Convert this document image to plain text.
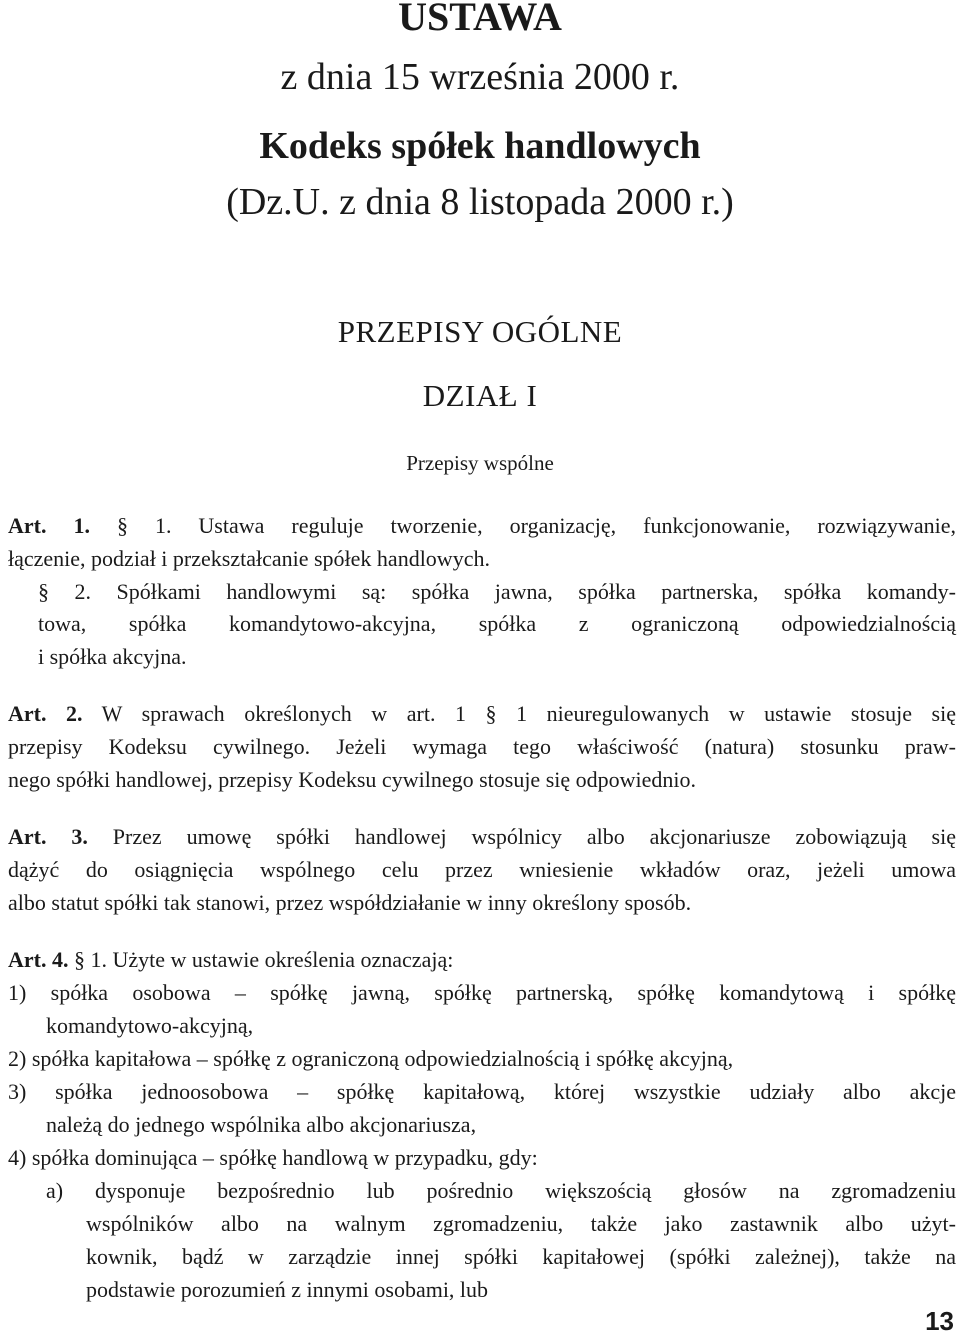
USTAWA
z dnia 15 września 2000 r.
Kodeks spółek handlowych
(Dz.U. z dnia 8 listopada 2000 r.)
PRZEPISY OGÓLNE
DZIAŁ I
Przepisy wspólne
Art. 1. § 1. Ustawa reguluje tworzenie, organizację, funkcjonowanie, rozwiązywanie,
łączenie, podział i przekształcanie spółek handlowych.
§ 2. Spółkami handlowymi są: spółka jawna, spółka partnerska, spółka komandy-
towa, spółka komandytowo-akcyjna, spółka z ograniczoną odpowiedzialnością
i spółka akcyjna.
Art. 2. W sprawach określonych w art. 1 § 1 nieuregulowanych w ustawie stosuje się
przepisy Kodeksu cywilnego. Jeżeli wymaga tego właściwość (natura) stosunku praw-
nego spółki handlowej, przepisy Kodeksu cywilnego stosuje się odpowiednio.
Art. 3. Przez umowę spółki handlowej wspólnicy albo akcjonariusze zobowiązują się
dążyć do osiągnięcia wspólnego celu przez wniesienie wkładów oraz, jeżeli umowa
albo statut spółki tak stanowi, przez współdziałanie w inny określony sposób.
Art. 4. § 1. Użyte w ustawie określenia oznaczają:
1) spółka osobowa – spółkę jawną, spółkę partnerską, spółkę komandytową i spółkę
komandytowo-akcyjną,
2) spółka kapitałowa – spółkę z ograniczoną odpowiedzialnością i spółkę akcyjną,
3) spółka jednoosobowa – spółkę kapitałową, której wszystkie udziały albo akcje
należą do jednego wspólnika albo akcjonariusza,
4) spółka dominująca – spółkę handlową w przypadku, gdy:
a) dysponuje bezpośrednio lub pośrednio większością głosów na zgromadzeniu
wspólników albo na walnym zgromadzeniu, także jako zastawnik albo użyt-
kownik, bądź w zarządzie innej spółki kapitałowej (spółki zależnej), także na
podstawie porozumień z innymi osobami, lub
13
